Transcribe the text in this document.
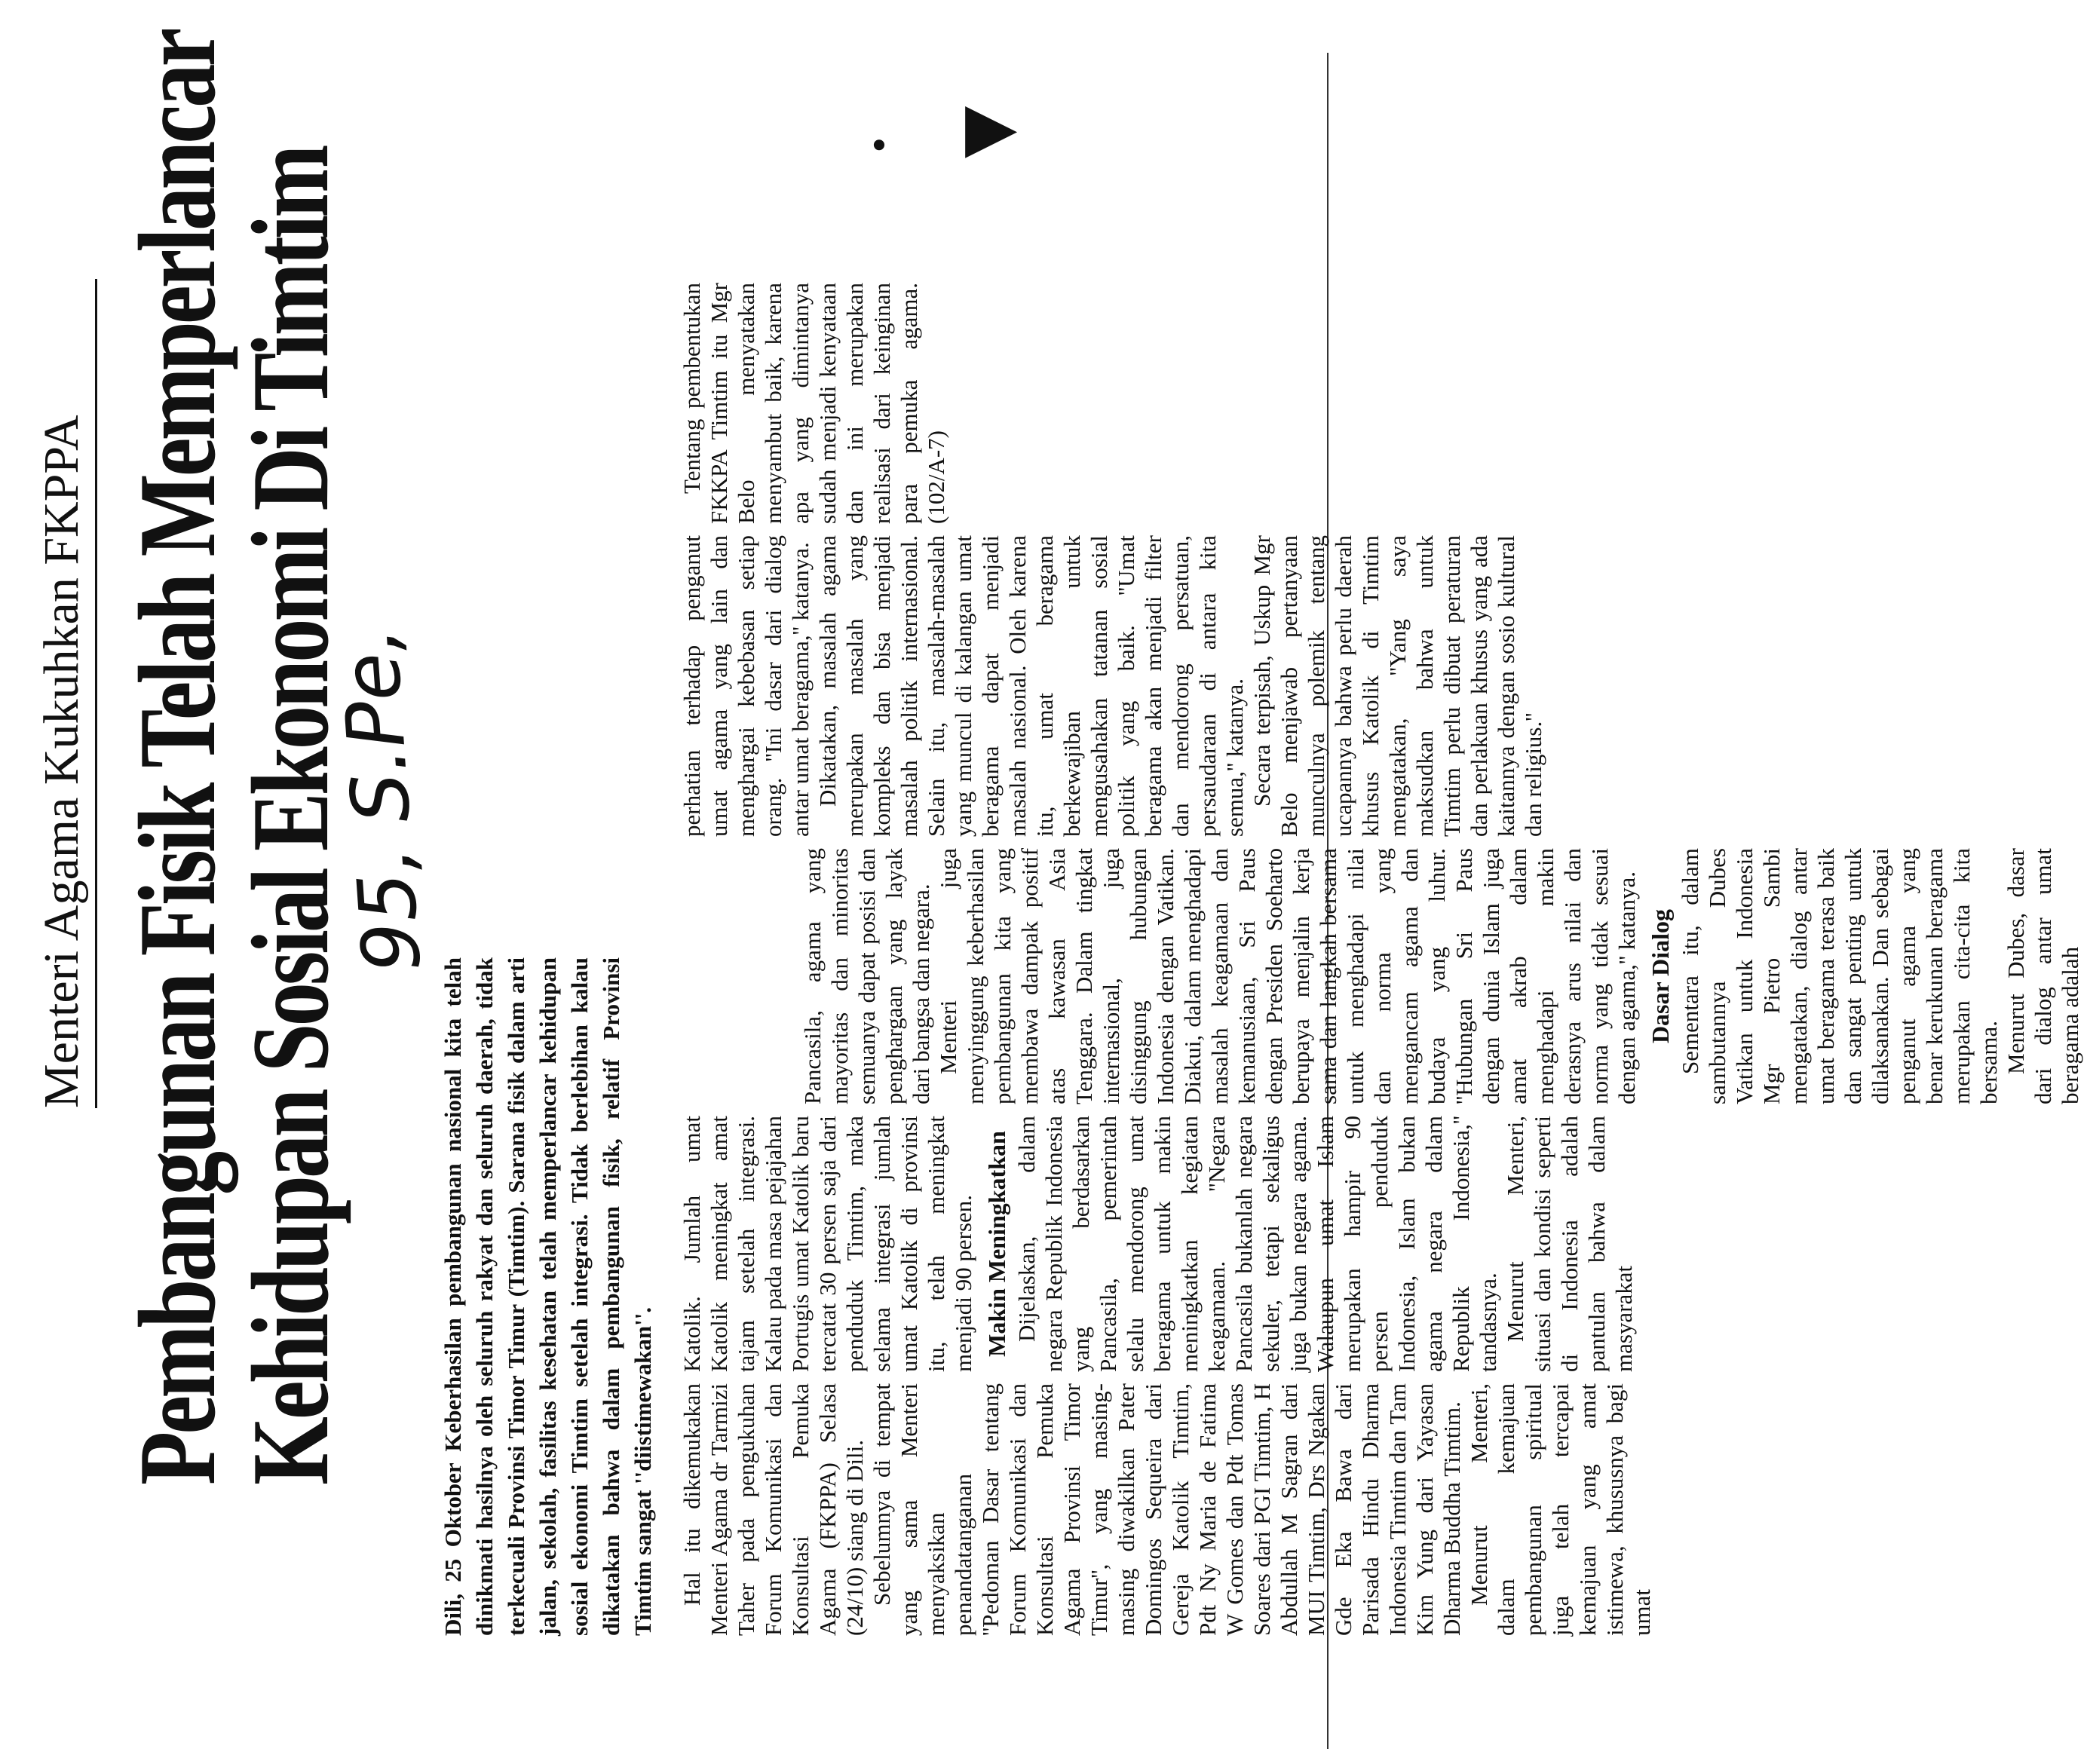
Menteri Agama Kukuhkan FKPPA Pembangunan Fisik Telah Memperlancar
Kehidupan Sosial Ekonomi Di Timtim
95, S.Pe,
▼
•

Dili, 25 Oktober Keberhasilan pembangunan nasional kita telah dinikmati hasilnya oleh seluruh rakyat dan seluruh daerah, tidak terkecuali Provinsi Timor Timur (Timtim). Sarana fisik dalam arti jalan, sekolah, fasilitas kesehatan telah memperlancar kehidupan sosial ekonomi Timtim setelah integrasi. Tidak berlebihan kalau dikatakan bahwa dalam pembangunan fisik, relatif Provinsi Timtim sangat ''diistimewakan''. Hal itu dikemukakan Menteri Agama dr Tarmizi Taher pada pengukuhan Forum Komunikasi dan Konsultasi Pemuka Agama (FKPPA) Selasa (24/10) siang di Dili. Sebelumnya di tempat yang sama Menteri menyaksikan penandatanganan ''Pedoman Dasar tentang Forum Komunikasi dan Konsultasi Pemuka Agama Provinsi Timor Timur'', yang masing-masing diwakilkan Pater Domingos Sequeira dari Gereja Katolik Timtim, Pdt Ny Maria de Fatima W Gomes dan Pdt Tomas Soares dari PGI Timtim, H Abdullah M Sagran dari MUI Timtim, Drs Ngakan Gde Eka Bawa dari Parisada Hindu Dharma Indonesia Timtim dan Tam Kim Yung dari Yayasan Dharma Buddha Timtim. Menurut Menteri, dalam kemajuan pembangunan spiritual juga telah tercapai kemajuan yang amat istimewa, khususnya bagi umat

Katolik. Jumlah umat Katolik meningkat amat tajam setelah integrasi. Kalau pada masa pejajahan Portugis umat Katolik baru tercatat 30 persen saja dari penduduk Timtim, maka selama integrasi jumlah umat Katolik di provinsi itu, telah meningkat menjadi 90 persen. Makin Meningkatkan Dijelaskan, dalam negara Republik Indonesia yang berdasarkan Pancasila, pemerintah selalu mendorong umat beragama untuk makin meningkatkan kegiatan keagamaan. ''Negara Pancasila bukanlah negara sekuler, tetapi sekaligus juga bukan negara agama. Walaupun umat Islam merupakan hampir 90 persen penduduk Indonesia, Islam bukan agama negara dalam Republik Indonesia,'' tandasnya. Menurut Menteri, situasi dan kondisi seperti di Indonesia adalah pantulan bahwa dalam masyarakat

Pancasila, agama yang mayoritas dan minoritas semuanya dapat posisi dan penghargaan yang layak dari bangsa dan negara. Menteri juga menyinggung keberhasilan pembangunan kita yang membawa dampak positif atas kawasan Asia Tenggara. Dalam tingkat internasional, juga disinggung hubungan Indonesia dengan Vatikan. Diakui, dalam menghadapi masalah keagamaan dan kemanusiaan, Sri Paus dengan Presiden Soeharto berupaya menjalin kerja sama dan langkah bersama untuk menghadapi nilai dan norma yang mengancam agama dan budaya yang luhur. ''Hubungan Sri Paus dengan dunia Islam juga amat akrab dalam menghadapi makin derasnya arus nilai dan norma yang tidak sesuai dengan agama,'' katanya. Dasar Dialog Sementara itu, dalam sambutannya Dubes Vatikan untuk Indonesia Mgr Pietro Sambi mengatakan, dialog antar umat beragama terasa baik dan sangat penting untuk dilaksanakan. Dan sebagai penganut agama yang benar kerukunan beragama merupakan cita-cita kita bersama. Menurut Dubes, dasar dari dialog antar umat beragama adalah

perhatian terhadap penganut umat agama yang lain dan menghargai kebebasan setiap orang. ''Ini dasar dari dialog antar umat beragama,'' katanya. Dikatakan, masalah agama merupakan masalah yang kompleks dan bisa menjadi masalah politik internasional. Selain itu, masalah-masalah yang muncul di kalangan umat beragama dapat menjadi masalah nasional. Oleh karena itu, umat beragama berkewajiban untuk mengusahakan tatanan sosial politik yang baik. ''Umat beragama akan menjadi filter dan mendorong persatuan, persaudaraan di antara kita semua,'' katanya. Secara terpisah, Uskup Mgr Belo menjawab pertanyaan munculnya polemik tentang ucapannya bahwa perlu daerah khusus Katolik di Timtim mengatakan, ''Yang saya maksudkan bahwa untuk Timtim perlu dibuat peraturan dan perlakuan khusus yang ada kaitannya dengan sosio kultural dan religius.''

Tentang pembentukan FKKPA Timtim itu Mgr Belo menyatakan menyambut baik, karena apa yang dimintanya sudah menjadi kenyataan dan ini merupakan realisasi dari keinginan para pemuka agama.(102/A-7)
